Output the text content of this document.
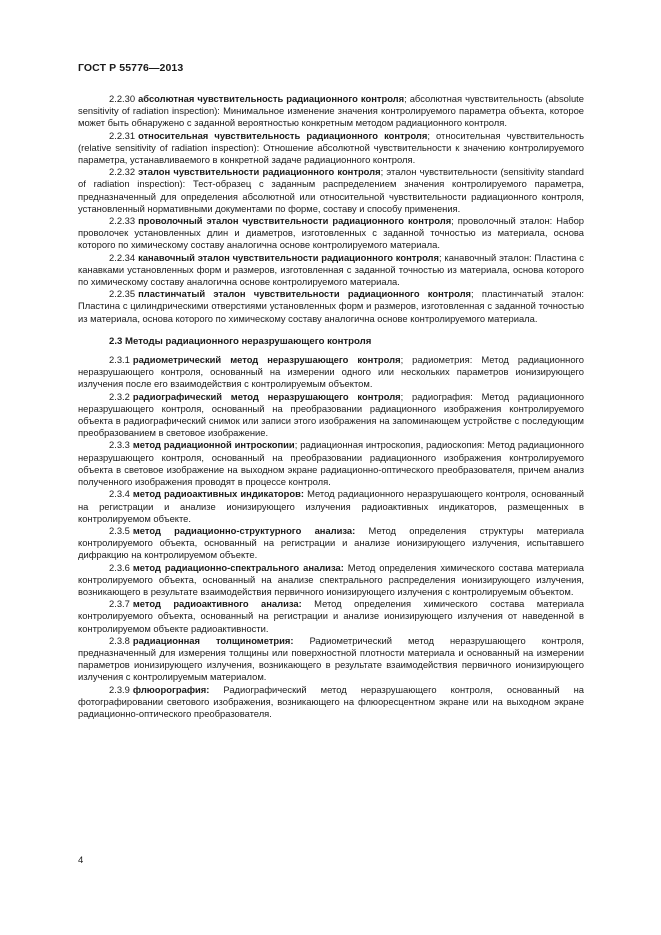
ГОСТ Р 55776—2013

2.2.30 абсолютная чувствительность радиационного контроля; абсолютная чувствительность (absolute sensitivity of radiation inspection): Минимальное изменение значения контролируемого параметра объекта, которое может быть обнаружено с заданной вероятностью конкретным методом радиационного контроля.

2.2.31 относительная чувствительность радиационного контроля; относительная чувствительность (relative sensitivity of radiation inspection): Отношение абсолютной чувствительности к значению контролируемого параметра, устанавливаемого в конкретной задаче радиационного контроля.

2.2.32 эталон чувствительности радиационного контроля; эталон чувствительности (sensitivity standard of radiation inspection): Тест-образец с заданным распределением значения контролируемого параметра, предназначенный для определения абсолютной или относительной чувствительности радиационного контроля, установленный нормативными документами по форме, составу и способу применения.

2.2.33 проволочный эталон чувствительности радиационного контроля; проволочный эталон: Набор проволочек установленных длин и диаметров, изготовленных с заданной точностью из материала, основа которого по химическому составу аналогична основе контролируемого материала.

2.2.34 канавочный эталон чувствительности радиационного контроля; канавочный эталон: Пластина с канавками установленных форм и размеров, изготовленная с заданной точностью из материала, основа которого по химическому составу аналогична основе контролируемого материала.

2.2.35 пластинчатый эталон чувствительности радиационного контроля; пластинчатый эталон: Пластина с цилиндрическими отверстиями установленных форм и размеров, изготовленная с заданной точностью из материала, основа которого по химическому составу аналогична основе контролируемого материала.

2.3 Методы радиационного неразрушающего контроля

2.3.1 радиометрический метод неразрушающего контроля; радиометрия: Метод радиационного неразрушающего контроля, основанный на измерении одного или нескольких параметров ионизирующего излучения после его взаимодействия с контролируемым объектом.

2.3.2 радиографический метод неразрушающего контроля; радиография: Метод радиационного неразрушающего контроля, основанный на преобразовании радиационного изображения контролируемого объекта в радиографический снимок или записи этого изображения на запоминающем устройстве с последующим преобразованием в световое изображение.

2.3.3 метод радиационной интроскопии; радиационная интроскопия, радиоскопия: Метод радиационного неразрушающего контроля, основанный на преобразовании радиационного изображения контролируемого объекта в световое изображение на выходном экране радиационно-оптического преобразователя, причем анализ полученного изображения проводят в процессе контроля.

2.3.4 метод радиоактивных индикаторов: Метод радиационного неразрушающего контроля, основанный на регистрации и анализе ионизирующего излучения радиоактивных индикаторов, размещенных в контролируемом объекте.

2.3.5 метод радиационно-структурного анализа: Метод определения структуры материала контролируемого объекта, основанный на регистрации и анализе ионизирующего излучения, испытавшего дифракцию на контролируемом объекте.

2.3.6 метод радиационно-спектрального анализа: Метод определения химического состава материала контролируемого объекта, основанный на анализе спектрального распределения ионизирующего излучения, возникающего в результате взаимодействия первичного ионизирующего излучения с контролируемым объектом.

2.3.7 метод радиоактивного анализа: Метод определения химического состава материала контролируемого объекта, основанный на регистрации и анализе ионизирующего излучения от наведенной в контролируемом объекте радиоактивности.

2.3.8 радиационная толщинометрия: Радиометрический метод неразрушающего контроля, предназначенный для измерения толщины или поверхностной плотности материала и основанный на измерении параметров ионизирующего излучения, возникающего в результате взаимодействия первичного ионизирующего излучения с контролируемым материалом.

2.3.9 флюорография: Радиографический метод неразрушающего контроля, основанный на фотографировании светового изображения, возникающего на флюоресцентном экране или на выходном экране радиационно-оптического преобразователя.

4
